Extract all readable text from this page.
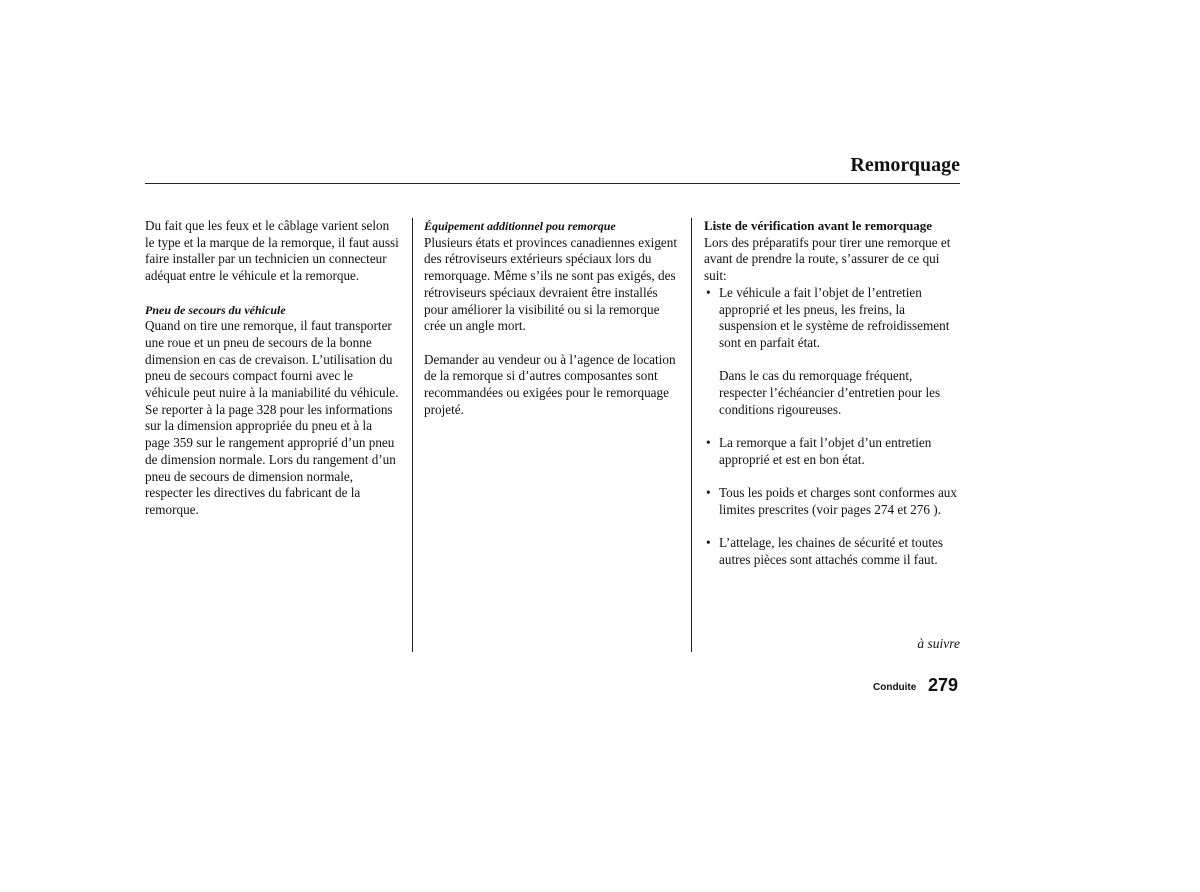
Remorquage

Du fait que les feux et le câblage varient selon le type et la marque de la remorque, il faut aussi faire installer par un technicien un connecteur adéquat entre le véhicule et la remorque.

Pneu de secours du véhicule

Quand on tire une remorque, il faut transporter une roue et un pneu de secours de la bonne dimension en cas de crevaison. L’utilisation du pneu de secours compact fourni avec le véhicule peut nuire à la maniabilité du véhicule. Se reporter à la page 328 pour les informations sur la dimension appropriée du pneu et à la page 359 sur le rangement approprié d’un pneu de dimension normale. Lors du rangement d’un pneu de secours de dimension normale, respecter les directives du fabricant de la remorque.

Équipement additionnel pou remorque

Plusieurs états et provinces canadiennes exigent des rétroviseurs extérieurs spéciaux lors du remorquage. Même s’ils ne sont pas exigés, des rétroviseurs spéciaux devraient être installés pour améliorer la visibilité ou si la remorque crée un angle mort.

Demander au vendeur ou à l’agence de location de la remorque si d’autres composantes sont recommandées ou exigées pour le remorquage projeté.

Liste de vérification avant le remorquage

Lors des préparatifs pour tirer une remorque et avant de prendre la route, s’assurer de ce qui suit:

• Le véhicule a fait l’objet de l’entretien approprié et les pneus, les freins, la suspension et le système de refroidissement sont en parfait état.

Dans le cas du remorquage fréquent, respecter l’échéancier d’entretien pour les conditions rigoureuses.

• La remorque a fait l’objet d’un entretien approprié et est en bon état.
• Tous les poids et charges sont conformes aux limites prescrites (voir pages 274 et 276 ).
• L’attelage, les chaines de sécurité et toutes autres pièces sont attachés comme il faut.
à suivre
Conduite 279
